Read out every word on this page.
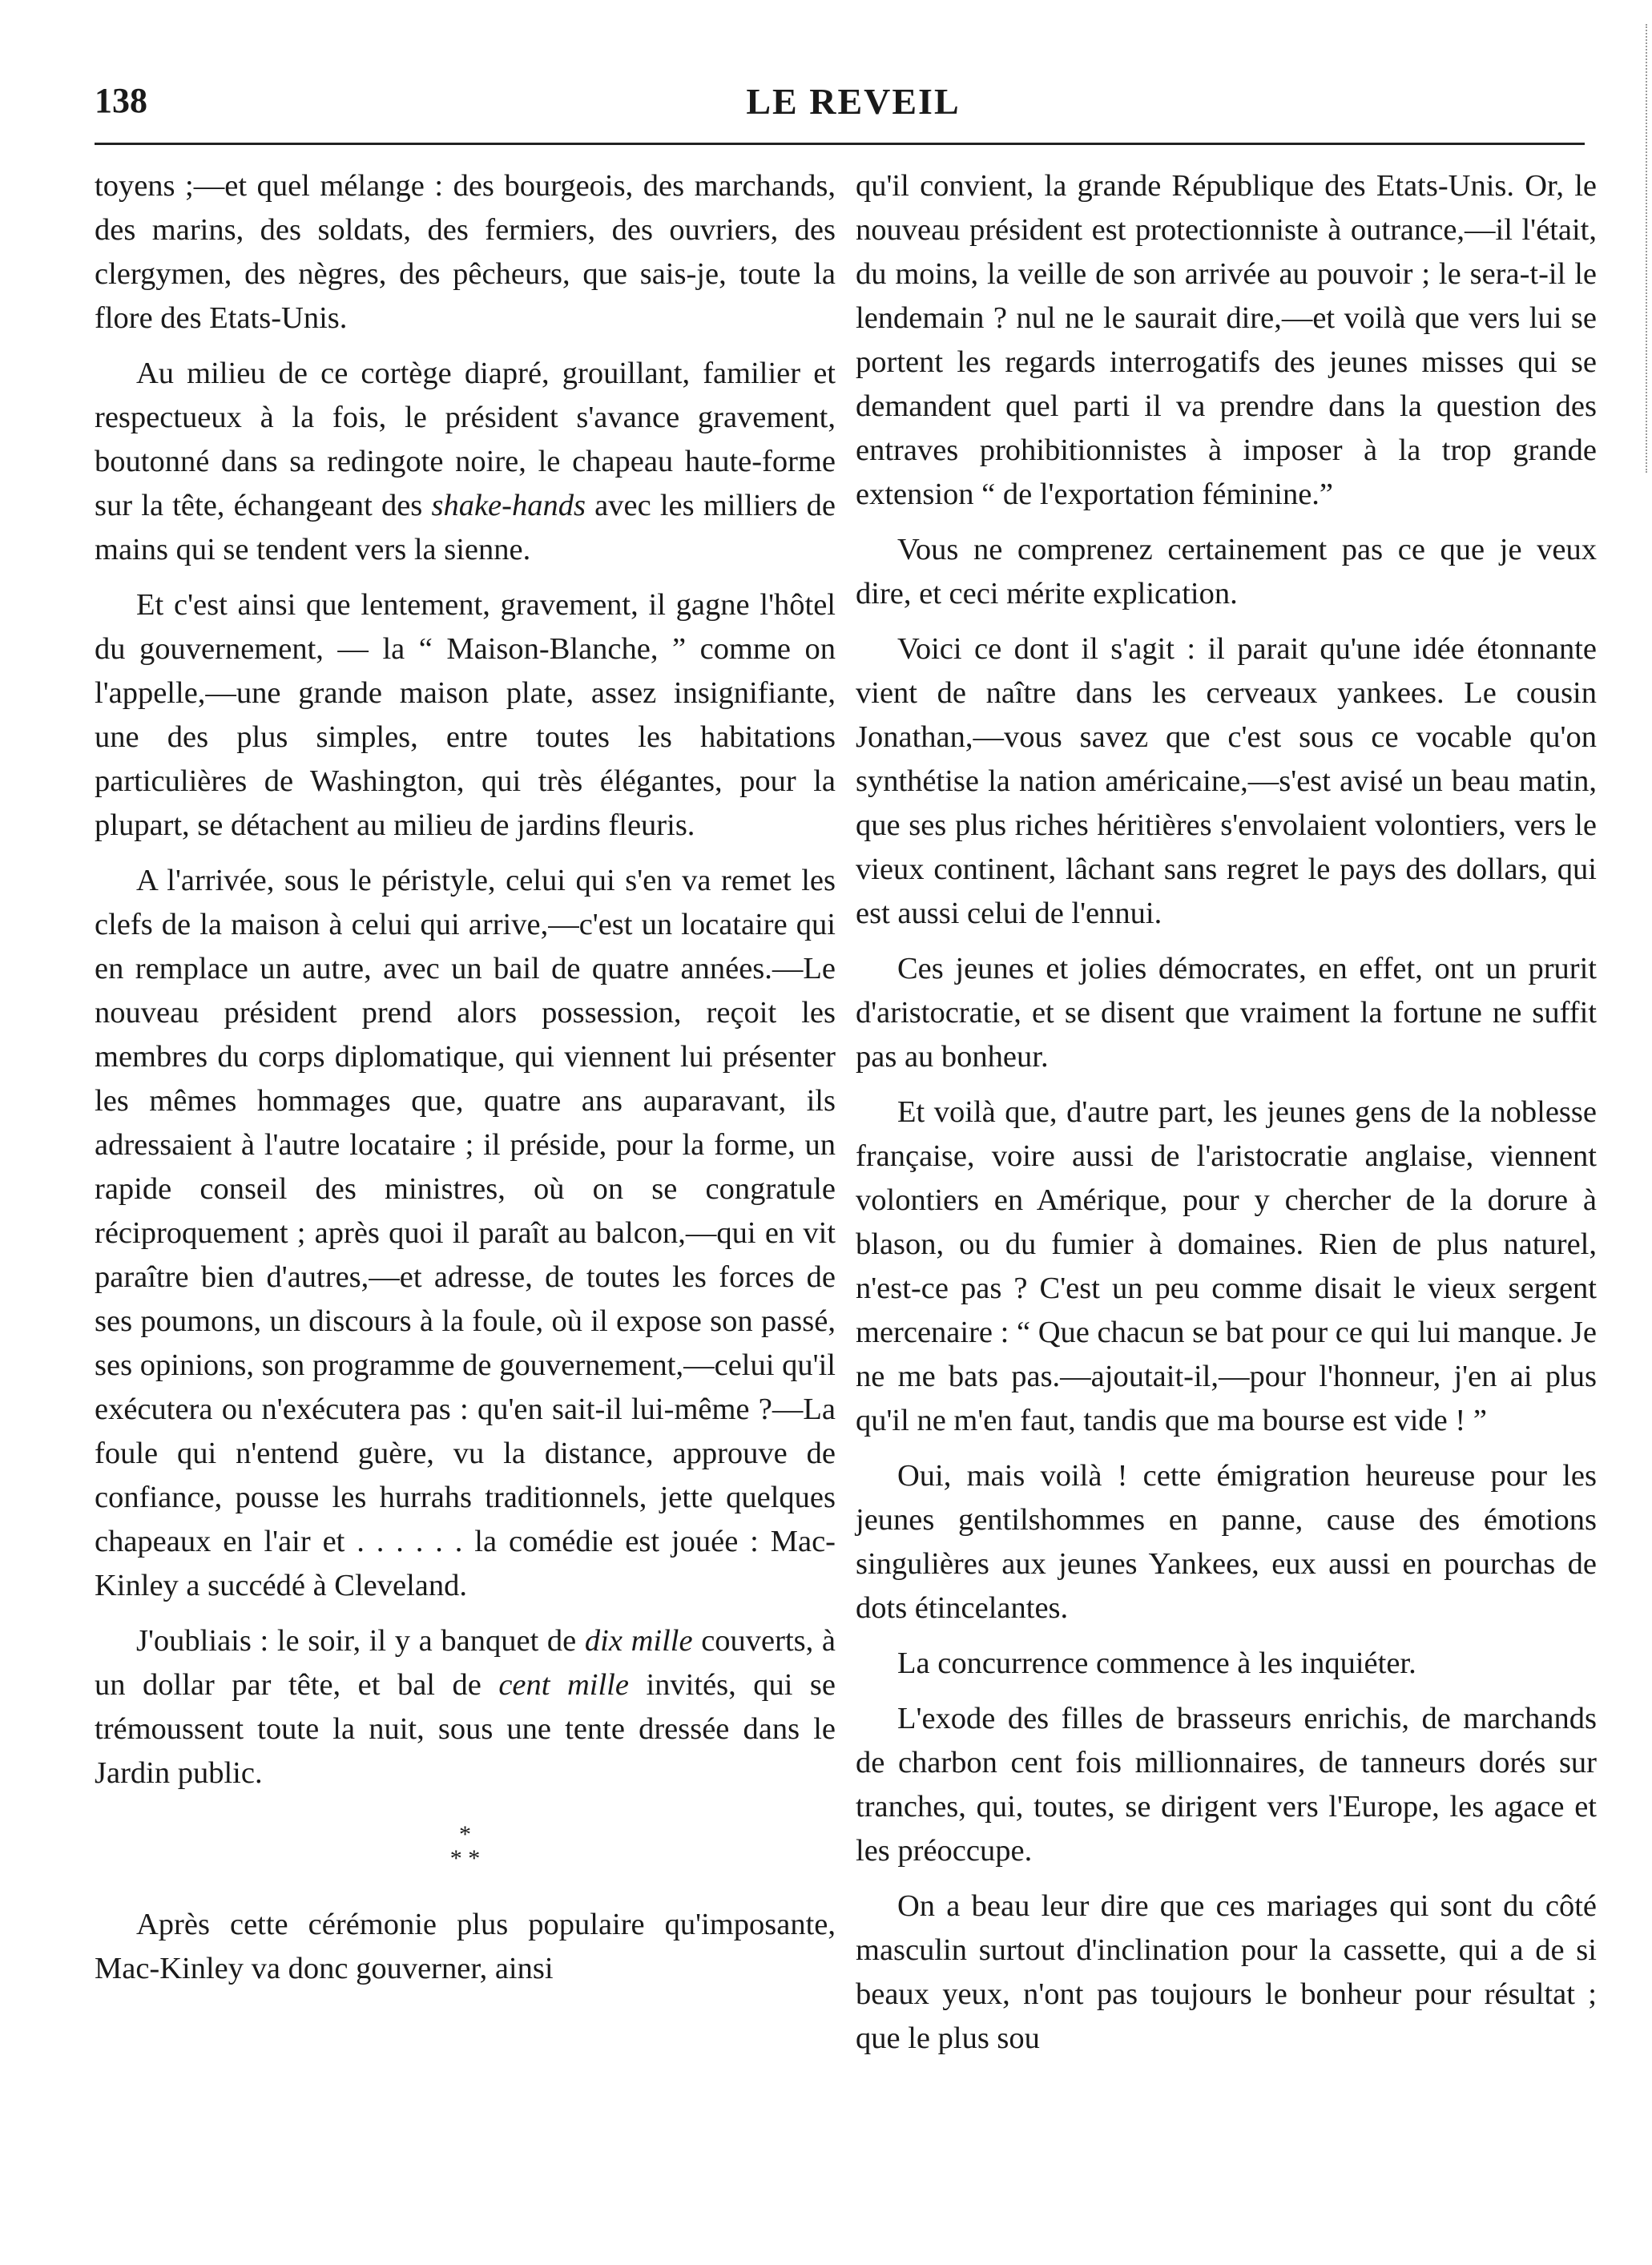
138	LE REVEIL

toyens ;—et quel mélange : des bourgeois, des marchands, des marins, des soldats, des fermiers, des ouvriers, des clergymen, des nègres, des pêcheurs, que sais-je, toute la flore des Etats-Unis.

Au milieu de ce cortège diapré, grouillant, familier et respectueux à la fois, le président s'avance gravement, boutonné dans sa redingote noire, le chapeau haute-forme sur la tête, échangeant des shake-hands avec les milliers de mains qui se tendent vers la sienne.

Et c'est ainsi que lentement, gravement, il gagne l'hôtel du gouvernement, — la “ Maison-Blanche, ” comme on l'appelle,—une grande maison plate, assez insignifiante, une des plus simples, entre toutes les habitations particulières de Washington, qui très élégantes, pour la plupart, se détachent au milieu de jardins fleuris.

A l'arrivée, sous le péristyle, celui qui s'en va remet les clefs de la maison à celui qui arrive,—c'est un locataire qui en remplace un autre, avec un bail de quatre années.—Le nouveau président prend alors possession, reçoit les membres du corps diplomatique, qui viennent lui présenter les mêmes hommages que, quatre ans auparavant, ils adressaient à l'autre locataire ; il préside, pour la forme, un rapide conseil des ministres, où on se congratule réciproquement ; après quoi il paraît au balcon,—qui en vit paraître bien d'autres,—et adresse, de toutes les forces de ses poumons, un discours à la foule, où il expose son passé, ses opinions, son programme de gouvernement,—celui qu'il exécutera ou n'exécutera pas : qu'en sait-il lui-même ?—La foule qui n'entend guère, vu la distance, approuve de confiance, pousse les hurrahs traditionnels, jette quelques chapeaux en l'air et . . . . . . la comédie est jouée : Mac-Kinley a succédé à Cleveland.

J'oubliais : le soir, il y a banquet de dix mille couverts, à un dollar par tête, et bal de cent mille invités, qui se trémoussent toute la nuit, sous une tente dressée dans le Jardin public.

*
* *

Après cette cérémonie plus populaire qu'imposante, Mac-Kinley va donc gouverner, ainsi

qu'il convient, la grande République des Etats-Unis. Or, le nouveau président est protectionniste à outrance,—il l'était, du moins, la veille de son arrivée au pouvoir ; le sera-t-il le lendemain ? nul ne le saurait dire,—et voilà que vers lui se portent les regards interrogatifs des jeunes misses qui se demandent quel parti il va prendre dans la question des entraves prohibitionnistes à imposer à la trop grande extension “ de l'exportation féminine.”

Vous ne comprenez certainement pas ce que je veux dire, et ceci mérite explication.

Voici ce dont il s'agit : il parait qu'une idée étonnante vient de naître dans les cerveaux yankees. Le cousin Jonathan,—vous savez que c'est sous ce vocable qu'on synthétise la nation américaine,—s'est avisé un beau matin, que ses plus riches héritières s'envolaient volontiers, vers le vieux continent, lâchant sans regret le pays des dollars, qui est aussi celui de l'ennui.

Ces jeunes et jolies démocrates, en effet, ont un prurit d'aristocratie, et se disent que vraiment la fortune ne suffit pas au bonheur.

Et voilà que, d'autre part, les jeunes gens de la noblesse française, voire aussi de l'aristocratie anglaise, viennent volontiers en Amérique, pour y chercher de la dorure à blason, ou du fumier à domaines. Rien de plus naturel, n'est-ce pas ? C'est un peu comme disait le vieux sergent mercenaire : “ Que chacun se bat pour ce qui lui manque. Je ne me bats pas.—ajoutait-il,—pour l'honneur, j'en ai plus qu'il ne m'en faut, tandis que ma bourse est vide ! ”

Oui, mais voilà ! cette émigration heureuse pour les jeunes gentilshommes en panne, cause des émotions singulières aux jeunes Yankees, eux aussi en pourchas de dots étincelantes.

La concurrence commence à les inquiéter.

L'exode des filles de brasseurs enrichis, de marchands de charbon cent fois millionnaires, de tanneurs dorés sur tranches, qui, toutes, se dirigent vers l'Europe, les agace et les préoccupe.

On a beau leur dire que ces mariages qui sont du côté masculin surtout d'inclination pour la cassette, qui a de si beaux yeux, n'ont pas toujours le bonheur pour résultat ; que le plus sou
